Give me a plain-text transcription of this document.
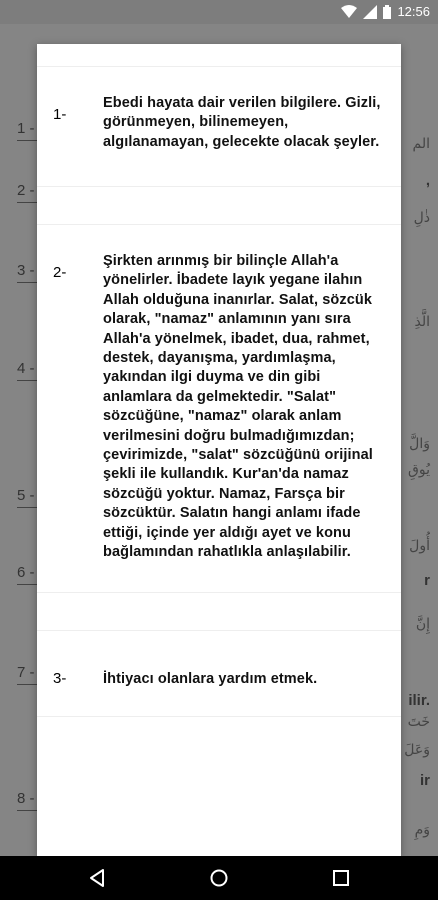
12:56
1 -
2 -
3 -
4 -
5 -
6 -
7 -
8 -
الم
ذٰلِ
الَّذِ
وَالَّ
يُوقِ
أُولَ
إِنَّ
خَتَ
وَعَلَ
وَمِ
,
r
ilir.
ir
1-
Ebedi hayata dair verilen bilgilere. Gizli, görünmeyen, bilinemeyen, algılanamayan, gelecekte olacak şeyler.
2-
Şirkten arınmış bir bilinçle Allah'a yönelirler. İbadete layık yegane ilahın Allah olduğuna inanırlar. Salat, sözcük olarak, "namaz" anlamının yanı sıra Allah'a yönelmek, ibadet, dua, rahmet, destek, dayanışma, yardımlaşma, yakından ilgi duyma ve din gibi anlamlara da gelmektedir. "Salat" sözcüğüne, "namaz" olarak anlam verilmesini doğru bulmadığımızdan; çevirimizde, "salat" sözcüğünü orijinal şekli ile kullandık. Kur'an'da namaz sözcüğü yoktur. Namaz, Farsça bir sözcüktür. Salatın hangi anlamı ifade ettiği, içinde yer aldığı ayet ve konu bağlamından rahatlıkla anlaşılabilir.
3-	İhtiyacı olanlara yardım etmek.
